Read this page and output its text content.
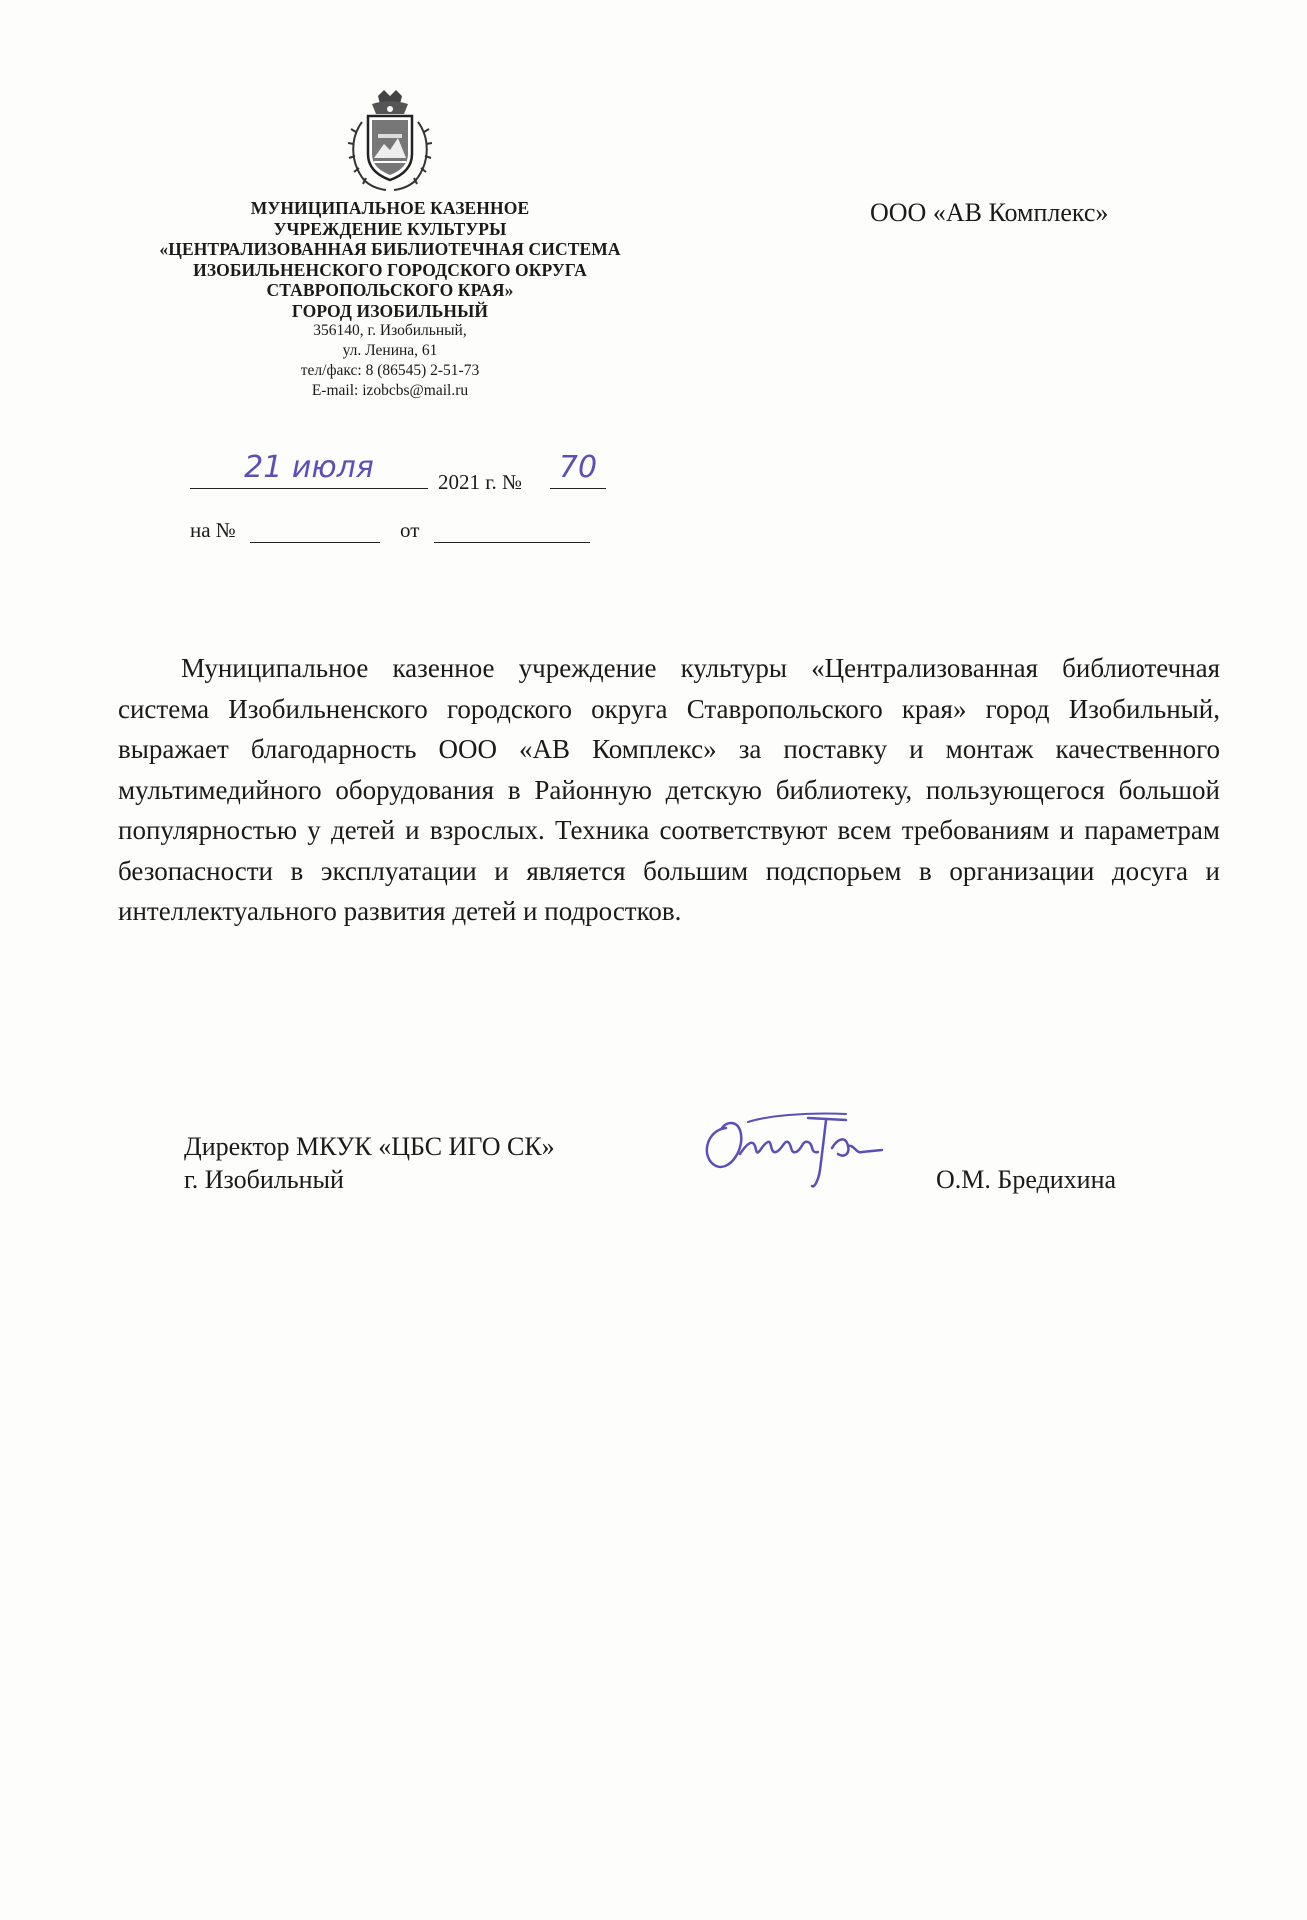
МУНИЦИПАЛЬНОЕ КАЗЕННОЕ
УЧРЕЖДЕНИЕ КУЛЬТУРЫ
«ЦЕНТРАЛИЗОВАННАЯ БИБЛИОТЕЧНАЯ СИСТЕМА
ИЗОБИЛЬНЕНСКОГО ГОРОДСКОГО ОКРУГА
СТАВРОПОЛЬСКОГО КРАЯ»
ГОРОД ИЗОБИЛЬНЫЙ
356140, г. Изобильный,
ул. Ленина, 61
тел/факс: 8 (86545) 2-51-73
E-mail: izobcbs@mail.ru
ООО «АВ Комплекс»
21 июля	2021 г. № 70
на №	от
Муниципальное казенное учреждение культуры «Централизованная библиотечная система Изобильненского городского округа Ставропольского края» город Изобильный, выражает благодарность ООО «АВ Комплекс» за поставку и монтаж качественного мультимедийного оборудования в Районную детскую библиотеку, пользующегося большой популярностью у детей и взрослых. Техника соответствуют всем требованиям и параметрам безопасности в эксплуатации и является большим подспорьем в организации досуга и интеллектуального развития детей и подростков.
Директор МКУК «ЦБС ИГО СК»
г. Изобильный	О.М. Бредихина
